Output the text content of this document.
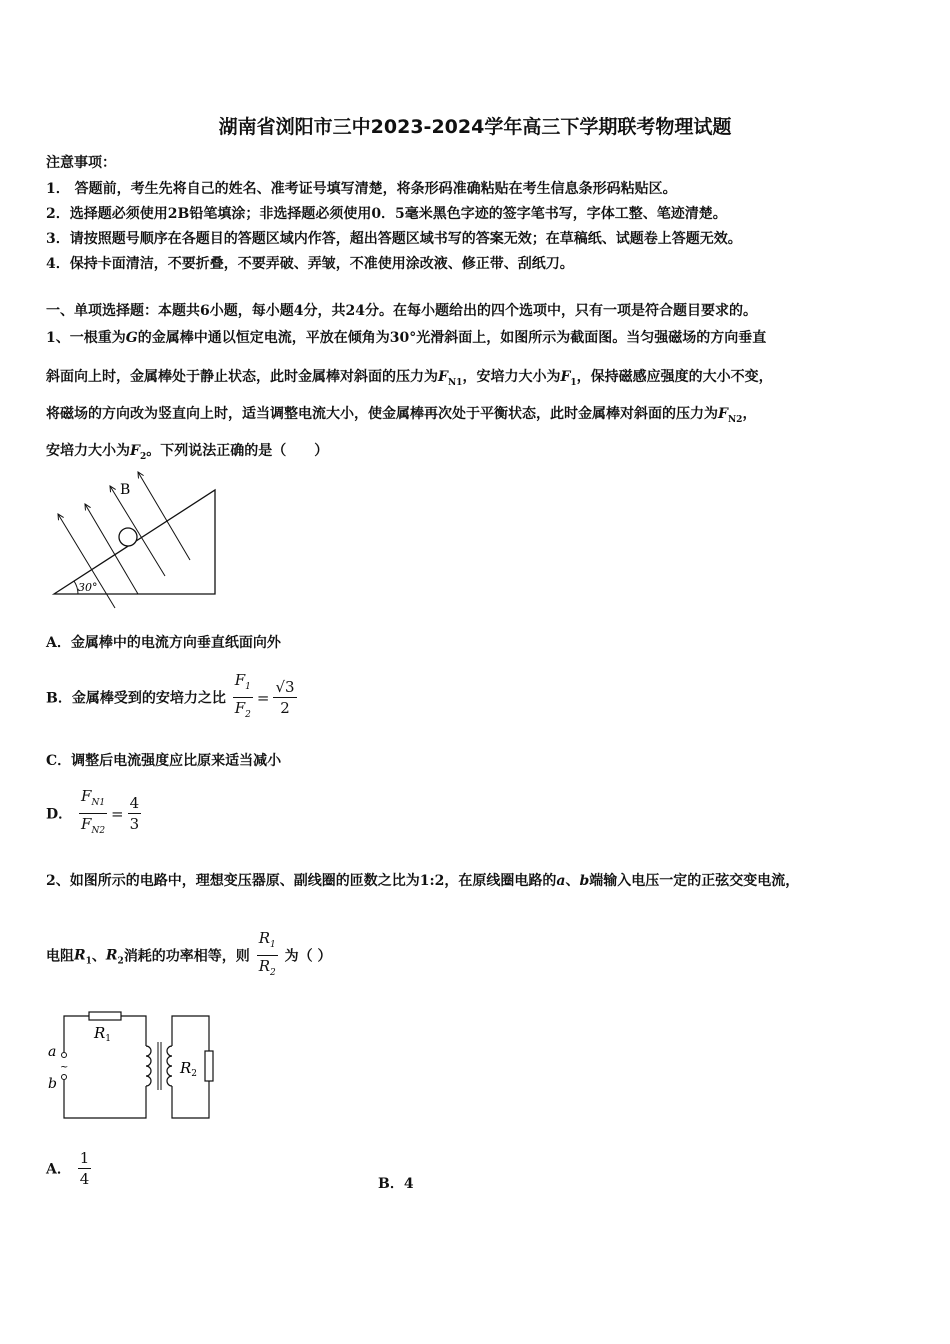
湖南省浏阳市三中2023-2024学年高三下学期联考物理试题
注意事项：
1． 答题前，考生先将自己的姓名、准考证号填写清楚，将条形码准确粘贴在考生信息条形码粘贴区。
2．选择题必须使用2B铅笔填涂；非选择题必须使用0．5毫米黑色字迹的签字笔书写，字体工整、笔迹清楚。
3．请按照题号顺序在各题目的答题区域内作答，超出答题区域书写的答案无效；在草稿纸、试题卷上答题无效。
4．保持卡面清洁，不要折叠，不要弄破、弄皱，不准使用涂改液、修正带、刮纸刀。
一、单项选择题：本题共6小题，每小题4分，共24分。在每小题给出的四个选项中，只有一项是符合题目要求的。
1、一根重为G的金属棒中通以恒定电流，平放在倾角为30°光滑斜面上，如图所示为截面图。当匀强磁场的方向垂直
斜面向上时，金属棒处于静止状态，此时金属棒对斜面的压力为$F_{N1}$，安培力大小为$F_1$，保持磁感应强度的大小不变，
将磁场的方向改为竖直向上时，适当调整电流大小，使金属棒再次处于平衡状态，此时金属棒对斜面的压力为$F_{N2}$，
安培力大小为$F_2$。下列说法正确的是（　　）
30°
B
A．金属棒中的电流方向垂直纸面向外
B．金属棒受到的安培力之比 $\frac{F_1}{F_2} = \frac{√3}{2}$
C．调整后电流强度应比原来适当减小
D． $\frac{F_{N1}}{F_{N2}} = \frac{4}{3}$
2、如图所示的电路中，理想变压器原、副线圈的匝数之比为1:2，在原线圈电路的a、b端输入电压一定的正弦交变电流，
电阻$R_1$、$R_2$消耗的功率相等，则 $\frac{R_1}{R_2}$ 为（ ）
~
a
b
$R_1$
$R_2$
A． $\frac{1}{4}$	B．4
